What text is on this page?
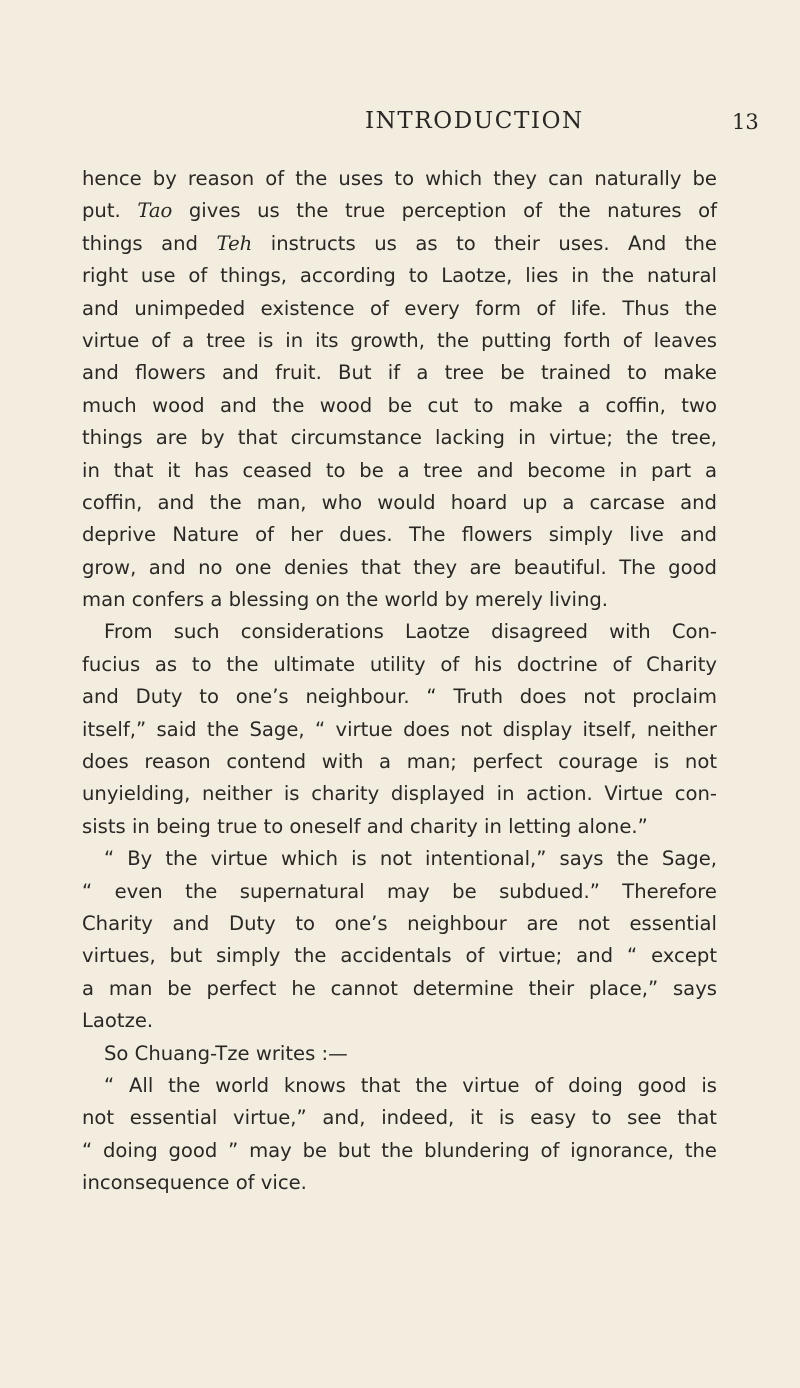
INTRODUCTION	13
hence by reason of the uses to which they can naturally be
put. Tao gives us the true perception of the natures of
things and Teh instructs us as to their uses. And the
right use of things, according to Laotze, lies in the natural
and unimpeded existence of every form of life. Thus the
virtue of a tree is in its growth, the putting forth of leaves
and flowers and fruit. But if a tree be trained to make
much wood and the wood be cut to make a coffin, two
things are by that circumstance lacking in virtue; the tree,
in that it has ceased to be a tree and become in part a
coffin, and the man, who would hoard up a carcase and
deprive Nature of her dues. The flowers simply live and
grow, and no one denies that they are beautiful. The good
man confers a blessing on the world by merely living.
From such considerations Laotze disagreed with Con-
fucius as to the ultimate utility of his doctrine of Charity
and Duty to one’s neighbour. “ Truth does not proclaim
itself,” said the Sage, “ virtue does not display itself, neither
does reason contend with a man; perfect courage is not
unyielding, neither is charity displayed in action. Virtue con-
sists in being true to oneself and charity in letting alone.”
“ By the virtue which is not intentional,” says the Sage,
“ even the supernatural may be subdued.” Therefore
Charity and Duty to one’s neighbour are not essential
virtues, but simply the accidentals of virtue; and “ except
a man be perfect he cannot determine their place,” says
Laotze.
So Chuang-Tze writes :—
“ All the world knows that the virtue of doing good is
not essential virtue,” and, indeed, it is easy to see that
“ doing good ” may be but the blundering of ignorance, the
inconsequence of vice.
